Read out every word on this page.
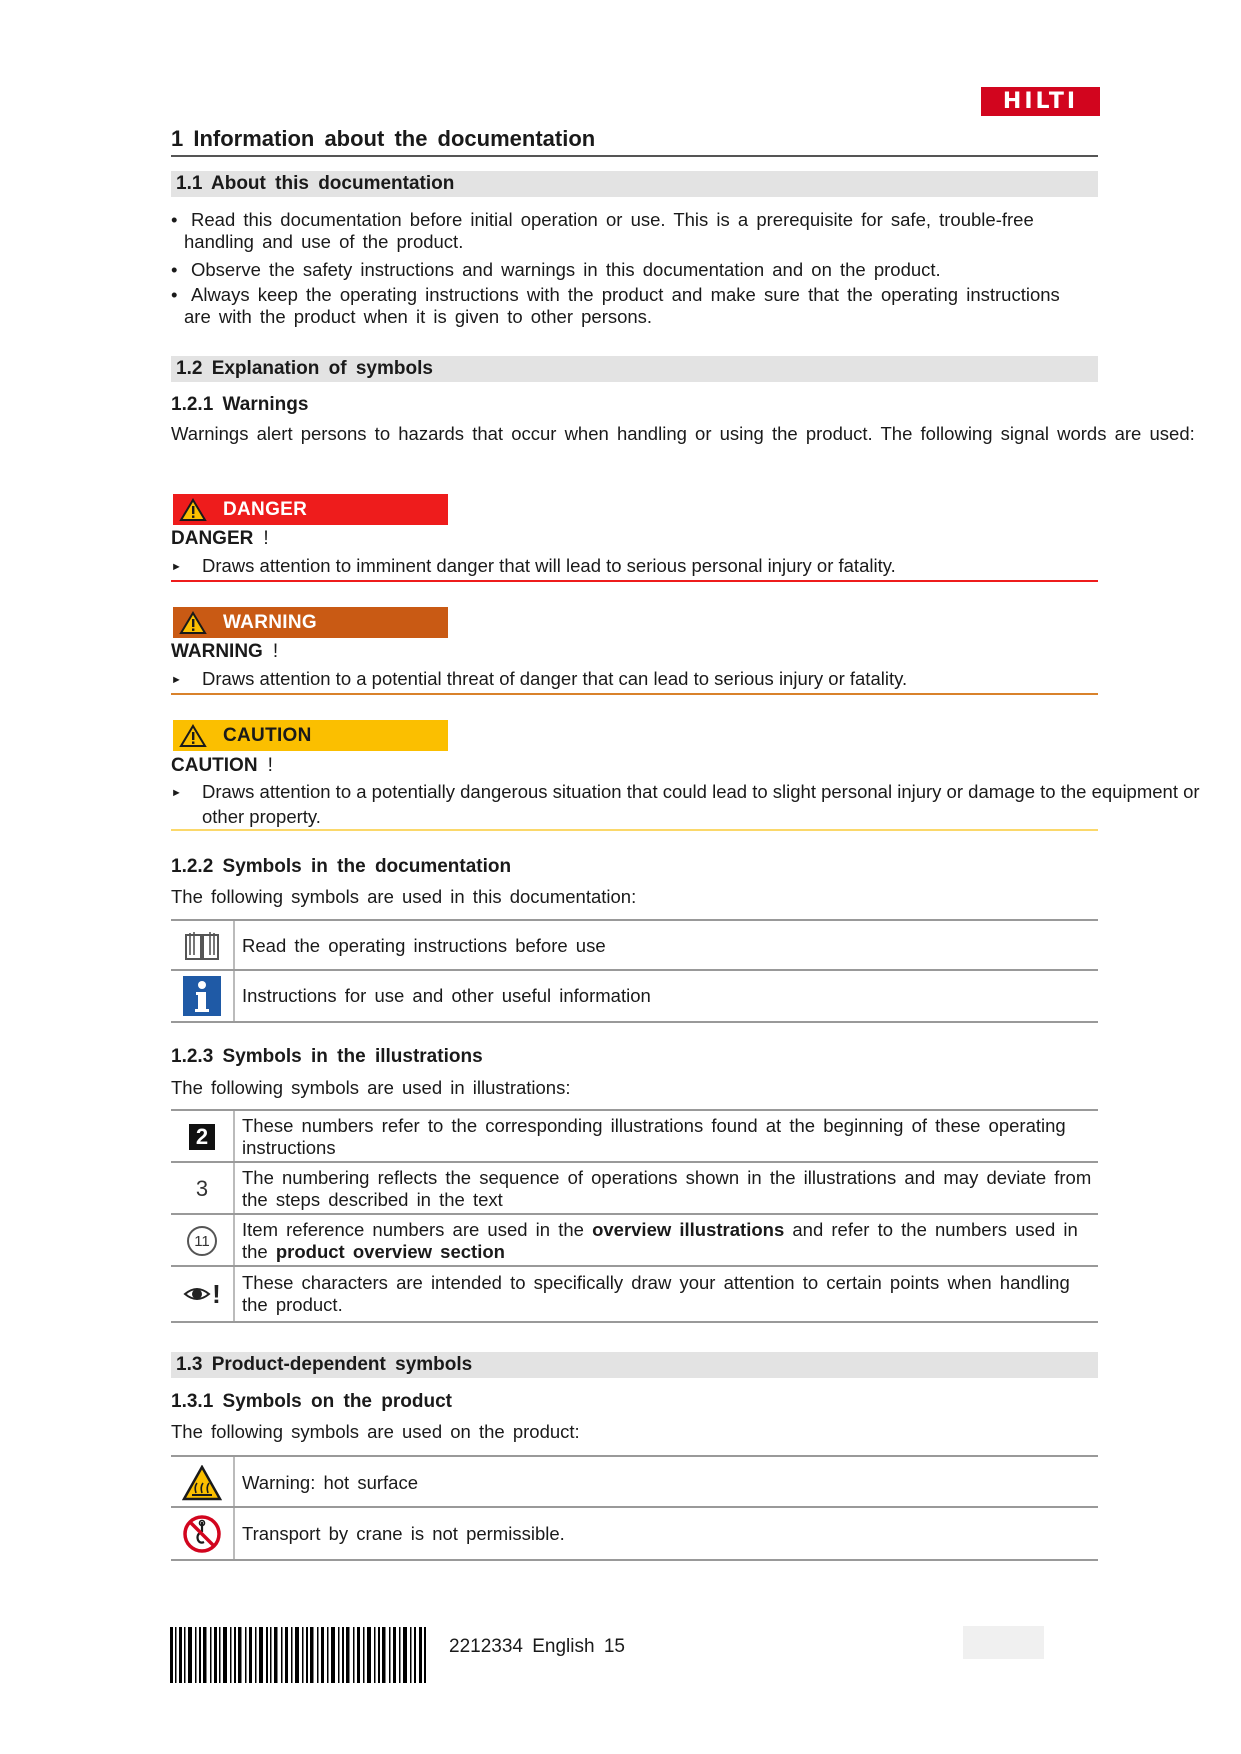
HILTI
1 Information about the documentation
1.1 About this documentation
• Read this documentation before initial operation or use. This is a prerequisite for safe, trouble-free
handling and use of the product.
• Observe the safety instructions and warnings in this documentation and on the product.
• Always keep the operating instructions with the product and make sure that the operating instructions
are with the product when it is given to other persons.
1.2 Explanation of symbols
1.2.1 Warnings
Warnings alert persons to hazards that occur when handling or using the product. The following signal words are used:
DANGER
DANGER !
► Draws attention to imminent danger that will lead to serious personal injury or fatality.
WARNING
WARNING !
► Draws attention to a potential threat of danger that can lead to serious injury or fatality.
CAUTION
CAUTION !
► Draws attention to a potentially dangerous situation that could lead to slight personal injury or damage to the equipment or other property.
1.2.2 Symbols in the documentation
The following symbols are used in this documentation:
Read the operating instructions before use
Instructions for use and other useful information
1.2.3 Symbols in the illustrations
The following symbols are used in illustrations:
2	These numbers refer to the corresponding illustrations found at the beginning of these operating instructions
3 The numbering reflects the sequence of operations shown in the illustrations and may deviate from the steps described in the text
11
Item reference numbers are used in the overview illustrations and refer to the numbers used in the product overview section
! These characters are intended to specifically draw your attention to certain points when handling the product.
1.3 Product-dependent symbols
1.3.1 Symbols on the product
The following symbols are used on the product:
Warning: hot surface
Transport by crane is not permissible.
2212334 English 15
